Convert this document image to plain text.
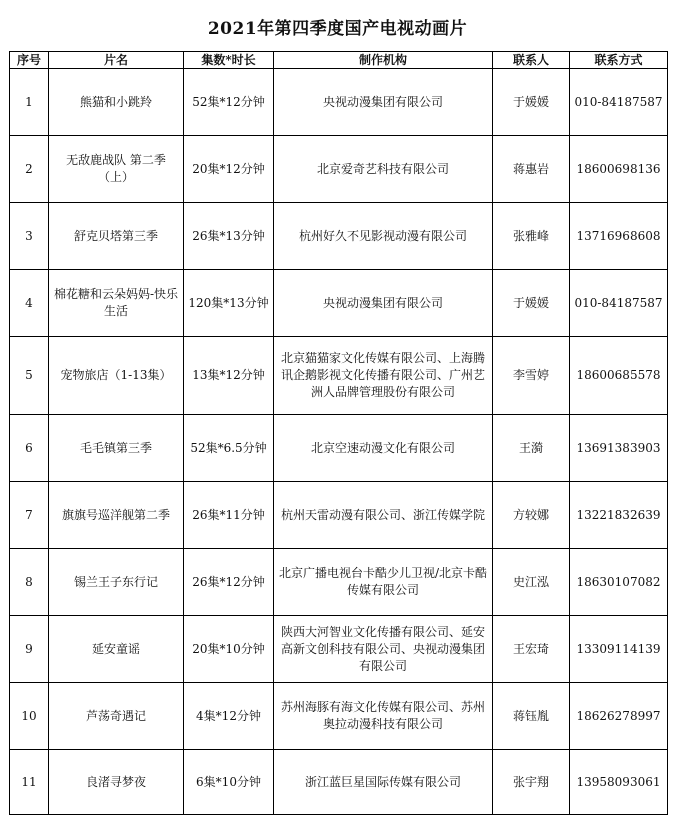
2021年第四季度国产电视动画片
序号	片名	集数*时长	制作机构	联系人	联系方式
1	熊猫和小跳羚	52集*12分钟	央视动漫集团有限公司	于媛媛	010-84187587
2	无敌鹿战队 第二季（上）	20集*12分钟	北京爱奇艺科技有限公司	蒋惠岩	18600698136
3	舒克贝塔第三季	26集*13分钟	杭州好久不见影视动漫有限公司	张雅峰	13716968608
4	棉花糖和云朵妈妈-快乐生活	120集*13分钟	央视动漫集团有限公司	于媛媛	010-84187587
5	宠物旅店（1-13集）	13集*12分钟	北京猫猫家文化传媒有限公司、上海腾讯企鹅影视文化传播有限公司、广州艺洲人品牌管理股份有限公司	李雪婷	18600685578
6	毛毛镇第三季	52集*6.5分钟	北京空速动漫文化有限公司	王漪	13691383903
7	旗旗号巡洋舰第二季	26集*11分钟	杭州天雷动漫有限公司、浙江传媒学院	方较娜	13221832639
8	锡兰王子东行记	26集*12分钟	北京广播电视台卡酷少儿卫视/北京卡酷传媒有限公司	史江泓	18630107082
9	延安童谣	20集*10分钟	陕西大河智业文化传播有限公司、延安高新文创科技有限公司、央视动漫集团有限公司	王宏琦	13309114139
10	芦荡奇遇记	4集*12分钟	苏州海豚有海文化传媒有限公司、苏州奥拉动漫科技有限公司	蒋钰胤	18626278997
11	良渚寻梦夜	6集*10分钟	浙江蓝巨星国际传媒有限公司	张宇翔	13958093061
